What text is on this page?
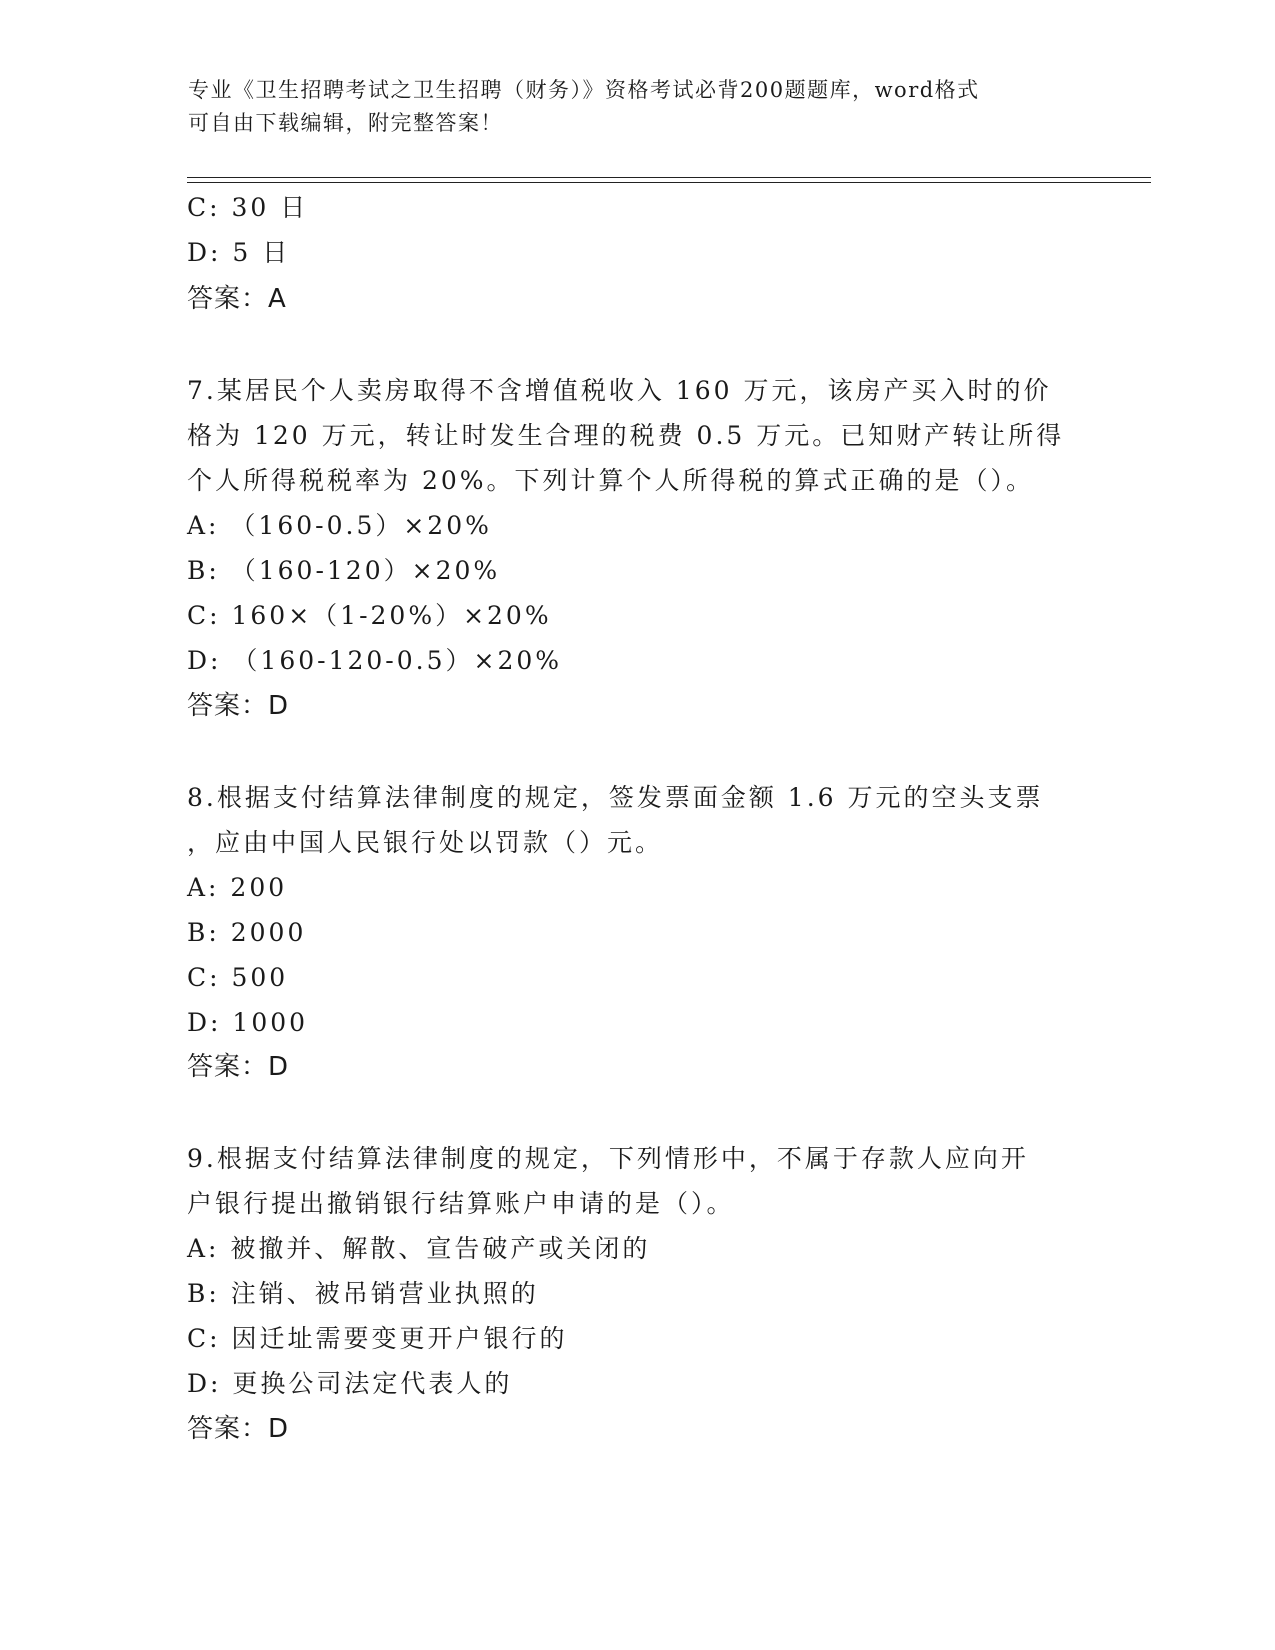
专业《卫生招聘考试之卫生招聘（财务）》资格考试必背200题题库，word格式
可自由下载编辑，附完整答案！
C: 30 日
D: 5 日
答案：A
7.某居民个人卖房取得不含增值税收入 160 万元，该房产买入时的价
格为 120 万元，转让时发生合理的税费 0.5 万元。已知财产转让所得
个人所得税税率为 20%。下列计算个人所得税的算式正确的是（）。
A: （160-0.5）×20%
B: （160-120）×20%
C: 160×（1-20%）×20%
D: （160-120-0.5）×20%
答案：D
8.根据支付结算法律制度的规定，签发票面金额 1.6 万元的空头支票
，应由中国人民银行处以罚款（）元。
A: 200
B: 2000
C: 500
D: 1000
答案：D
9.根据支付结算法律制度的规定，下列情形中，不属于存款人应向开
户银行提出撤销银行结算账户申请的是（）。
A: 被撤并、解散、宣告破产或关闭的
B: 注销、被吊销营业执照的
C: 因迁址需要变更开户银行的
D: 更换公司法定代表人的
答案：D
